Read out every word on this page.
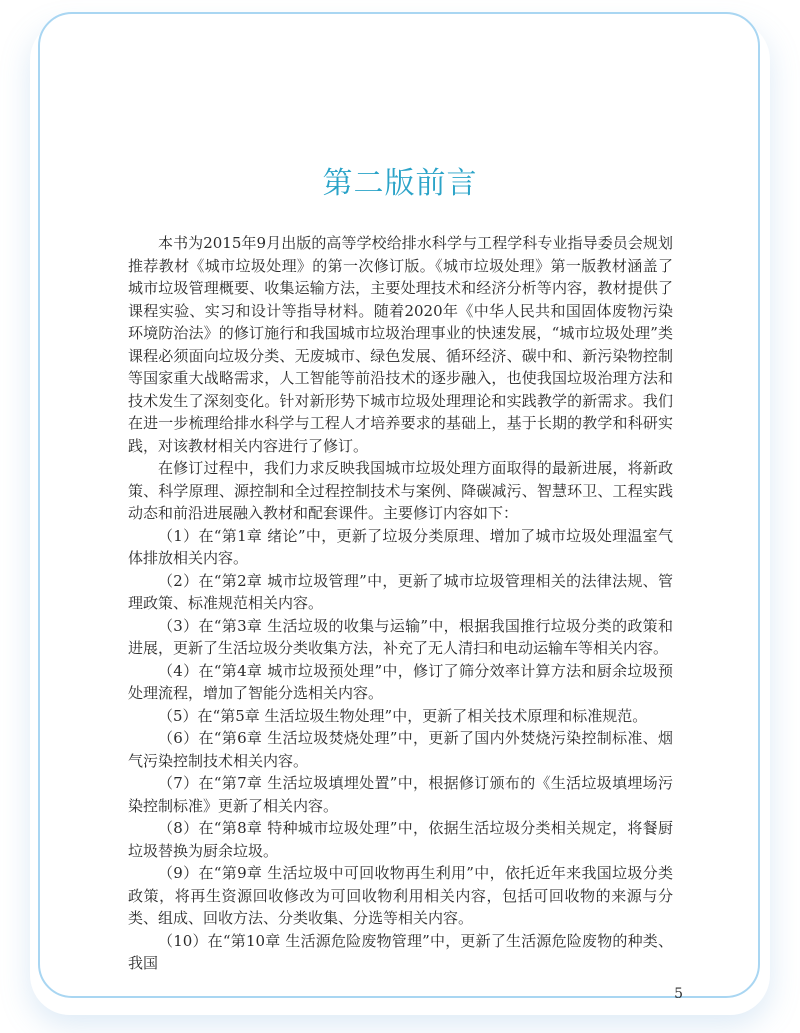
第二版前言

本书为2015年9月出版的高等学校给排水科学与工程学科专业指导委员会规划推荐教材《城市垃圾处理》的第一次修订版。《城市垃圾处理》第一版教材涵盖了城市垃圾管理概要、收集运输方法，主要处理技术和经济分析等内容，教材提供了课程实验、实习和设计等指导材料。随着2020年《中华人民共和国固体废物污染环境防治法》的修订施行和我国城市垃圾治理事业的快速发展，“城市垃圾处理”类课程必须面向垃圾分类、无废城市、绿色发展、循环经济、碳中和、新污染物控制等国家重大战略需求，人工智能等前沿技术的逐步融入，也使我国垃圾治理方法和技术发生了深刻变化。针对新形势下城市垃圾处理理论和实践教学的新需求。我们在进一步梳理给排水科学与工程人才培养要求的基础上，基于长期的教学和科研实践，对该教材相关内容进行了修订。

在修订过程中，我们力求反映我国城市垃圾处理方面取得的最新进展，将新政策、科学原理、源控制和全过程控制技术与案例、降碳减污、智慧环卫、工程实践动态和前沿进展融入教材和配套课件。主要修订内容如下：

（1）在“第1章 绪论”中，更新了垃圾分类原理、增加了城市垃圾处理温室气体排放相关内容。

（2）在“第2章 城市垃圾管理”中，更新了城市垃圾管理相关的法律法规、管理政策、标准规范相关内容。

（3）在“第3章 生活垃圾的收集与运输”中，根据我国推行垃圾分类的政策和进展，更新了生活垃圾分类收集方法，补充了无人清扫和电动运输车等相关内容。

（4）在“第4章 城市垃圾预处理”中，修订了筛分效率计算方法和厨余垃圾预处理流程，增加了智能分选相关内容。

（5）在“第5章 生活垃圾生物处理”中，更新了相关技术原理和标准规范。

（6）在“第6章 生活垃圾焚烧处理”中，更新了国内外焚烧污染控制标准、烟气污染控制技术相关内容。

（7）在“第7章 生活垃圾填埋处置”中，根据修订颁布的《生活垃圾填埋场污染控制标准》更新了相关内容。

（8）在“第8章 特种城市垃圾处理”中，依据生活垃圾分类相关规定，将餐厨垃圾替换为厨余垃圾。

（9）在“第9章 生活垃圾中可回收物再生利用”中，依托近年来我国垃圾分类政策，将再生资源回收修改为可回收物利用相关内容，包括可回收物的来源与分类、组成、回收方法、分类收集、分选等相关内容。

（10）在“第10章 生活源危险废物管理”中，更新了生活源危险废物的种类、我国

5
